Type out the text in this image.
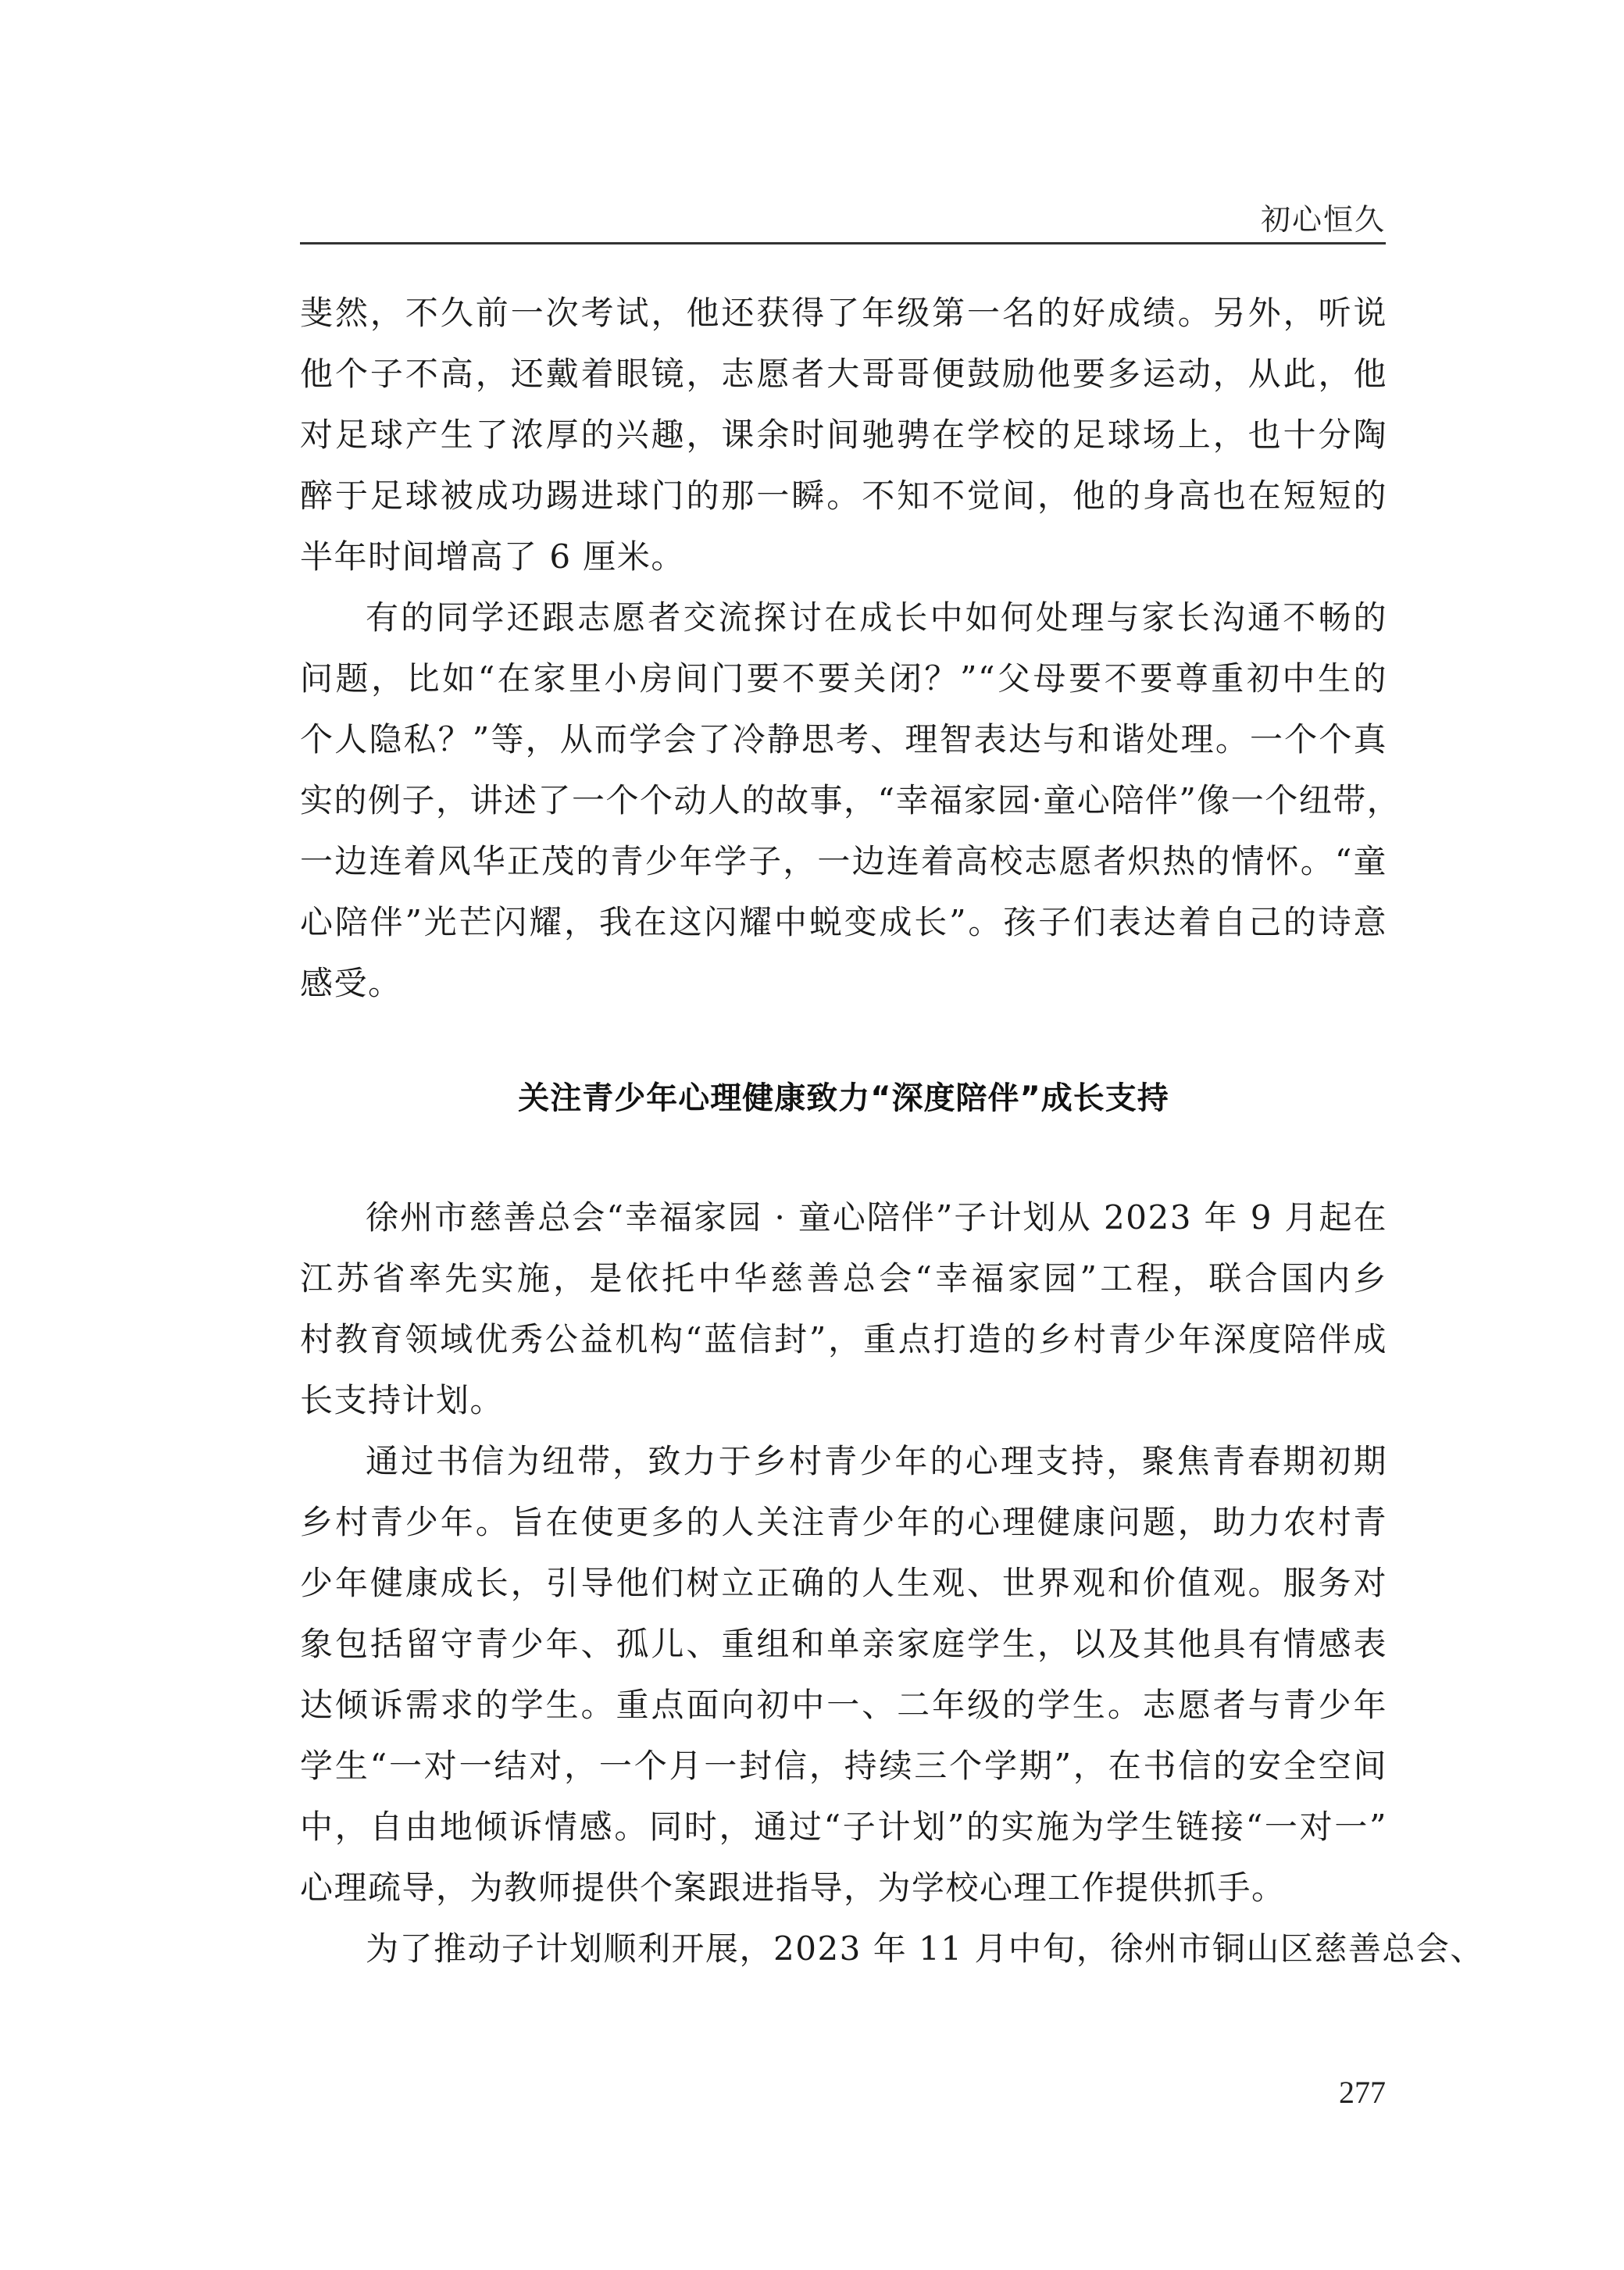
初心恒久

斐然，不久前一次考试，他还获得了年级第一名的好成绩。另外，听说
他个子不高，还戴着眼镜，志愿者大哥哥便鼓励他要多运动，从此，他
对足球产生了浓厚的兴趣，课余时间驰骋在学校的足球场上，也十分陶
醉于足球被成功踢进球门的那一瞬。不知不觉间，他的身高也在短短的
半年时间增高了 6 厘米。

有的同学还跟志愿者交流探讨在成长中如何处理与家长沟通不畅的
问题，比如“在家里小房间门要不要关闭？”“父母要不要尊重初中生的
个人隐私？”等，从而学会了冷静思考、理智表达与和谐处理。一个个真
实的例子，讲述了一个个动人的故事，“幸福家园·童心陪伴”像一个纽带，
一边连着风华正茂的青少年学子，一边连着高校志愿者炽热的情怀。“童
心陪伴”光芒闪耀，我在这闪耀中蜕变成长”。孩子们表达着自己的诗意
感受。

关注青少年心理健康致力“深度陪伴”成长支持

徐州市慈善总会“幸福家园 · 童心陪伴”子计划从 2023 年 9 月起在
江苏省率先实施，是依托中华慈善总会“幸福家园”工程，联合国内乡
村教育领域优秀公益机构“蓝信封”，重点打造的乡村青少年深度陪伴成
长支持计划。

通过书信为纽带，致力于乡村青少年的心理支持，聚焦青春期初期
乡村青少年。旨在使更多的人关注青少年的心理健康问题，助力农村青
少年健康成长，引导他们树立正确的人生观、世界观和价值观。服务对
象包括留守青少年、孤儿、重组和单亲家庭学生，以及其他具有情感表
达倾诉需求的学生。重点面向初中一、二年级的学生。志愿者与青少年
学生“一对一结对，一个月一封信，持续三个学期”，在书信的安全空间
中，自由地倾诉情感。同时，通过“子计划”的实施为学生链接“一对一”
心理疏导，为教师提供个案跟进指导，为学校心理工作提供抓手。

为了推动子计划顺利开展，2023 年 11 月中旬，徐州市铜山区慈善总会、

277
